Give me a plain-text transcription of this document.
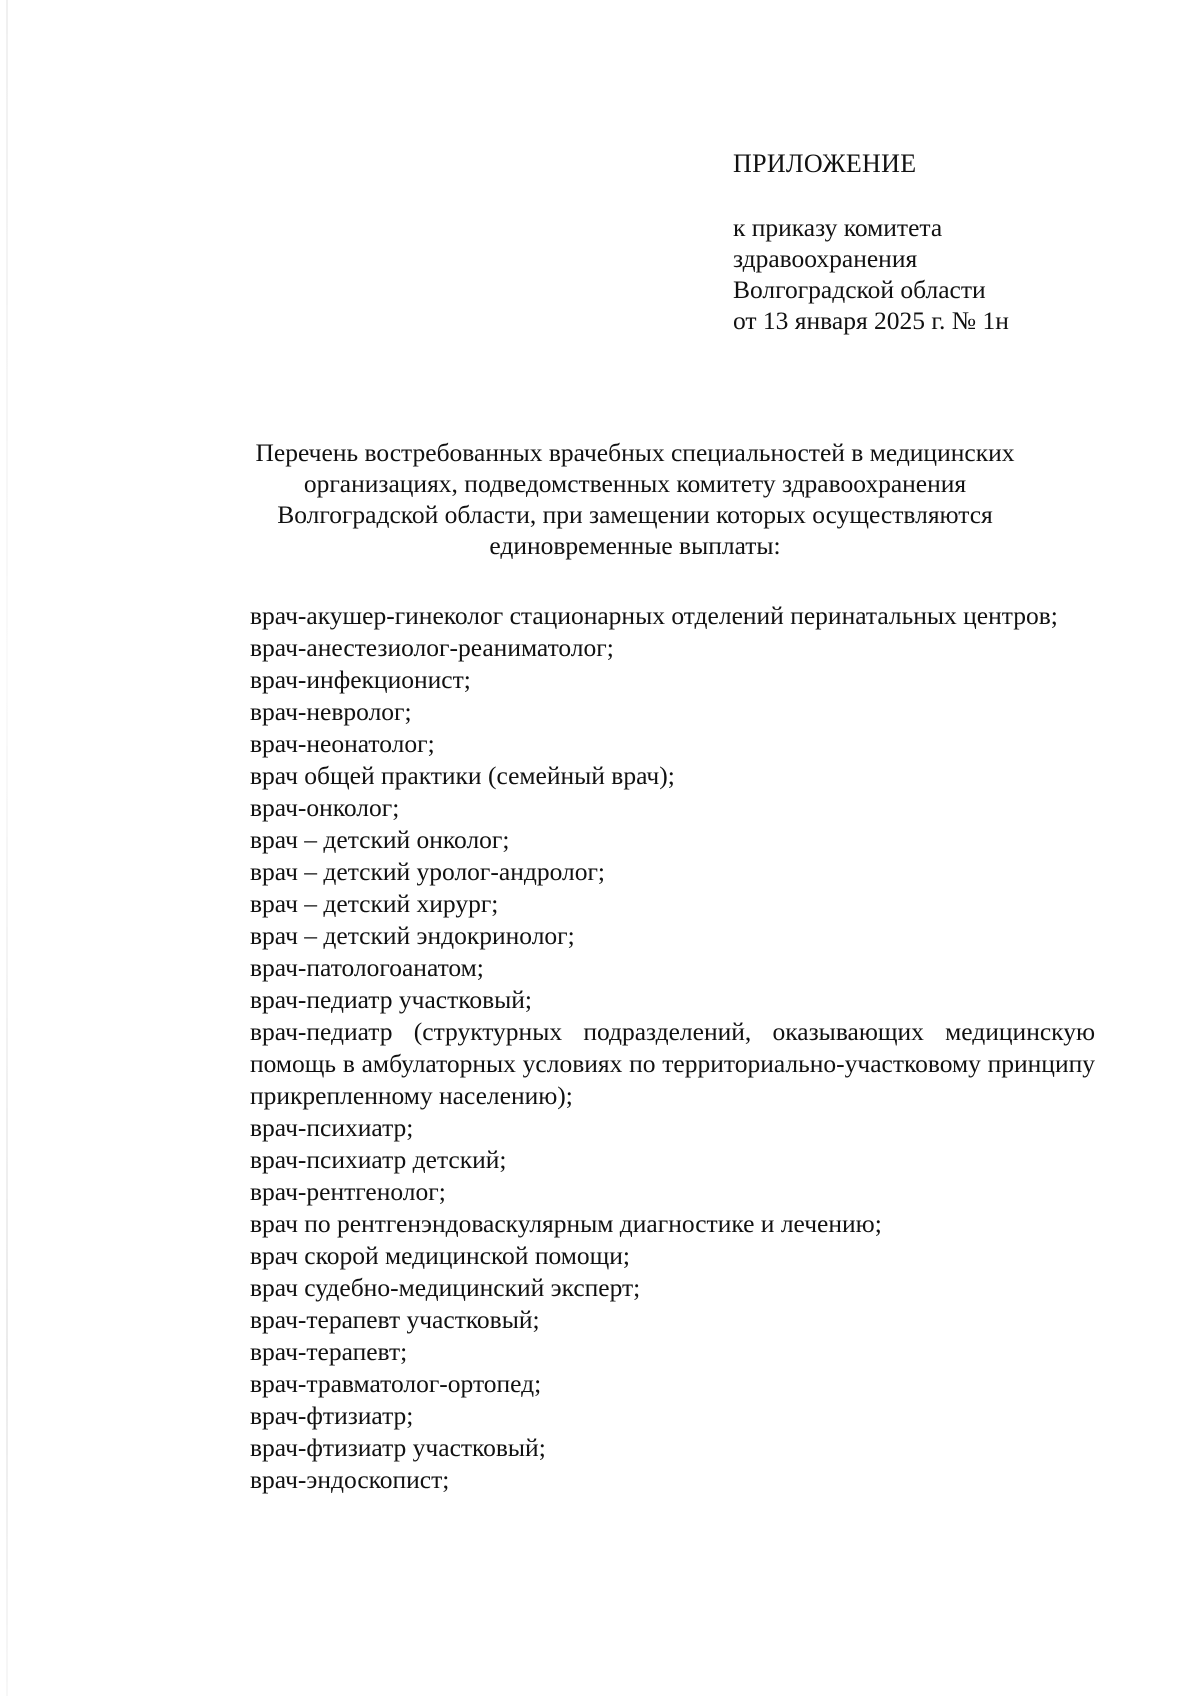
ПРИЛОЖЕНИЕ
к приказу комитета
здравоохранения
Волгоградской области
от 13 января 2025 г. № 1н
Перечень востребованных врачебных специальностей в медицинских
организациях, подведомственных комитету здравоохранения
Волгоградской области, при замещении которых осуществляются
единовременные выплаты:
врач-акушер-гинеколог стационарных отделений перинатальных центров;
врач-анестезиолог-реаниматолог;
врач-инфекционист;
врач-невролог;
врач-неонатолог;
врач общей практики (семейный врач);
врач-онколог;
врач – детский онколог;
врач – детский уролог-андролог;
врач – детский хирург;
врач – детский эндокринолог;
врач-патологоанатом;
врач-педиатр участковый;
врач-педиатр (структурных подразделений, оказывающих медицинскую помощь в амбулаторных условиях по территориально-участковому принципу прикрепленному населению);
врач-психиатр;
врач-психиатр детский;
врач-рентгенолог;
врач по рентгенэндоваскулярным диагностике и лечению;
врач скорой медицинской помощи;
врач судебно-медицинский эксперт;
врач-терапевт участковый;
врач-терапевт;
врач-травматолог-ортопед;
врач-фтизиатр;
врач-фтизиатр участковый;
врач-эндоскопист;
